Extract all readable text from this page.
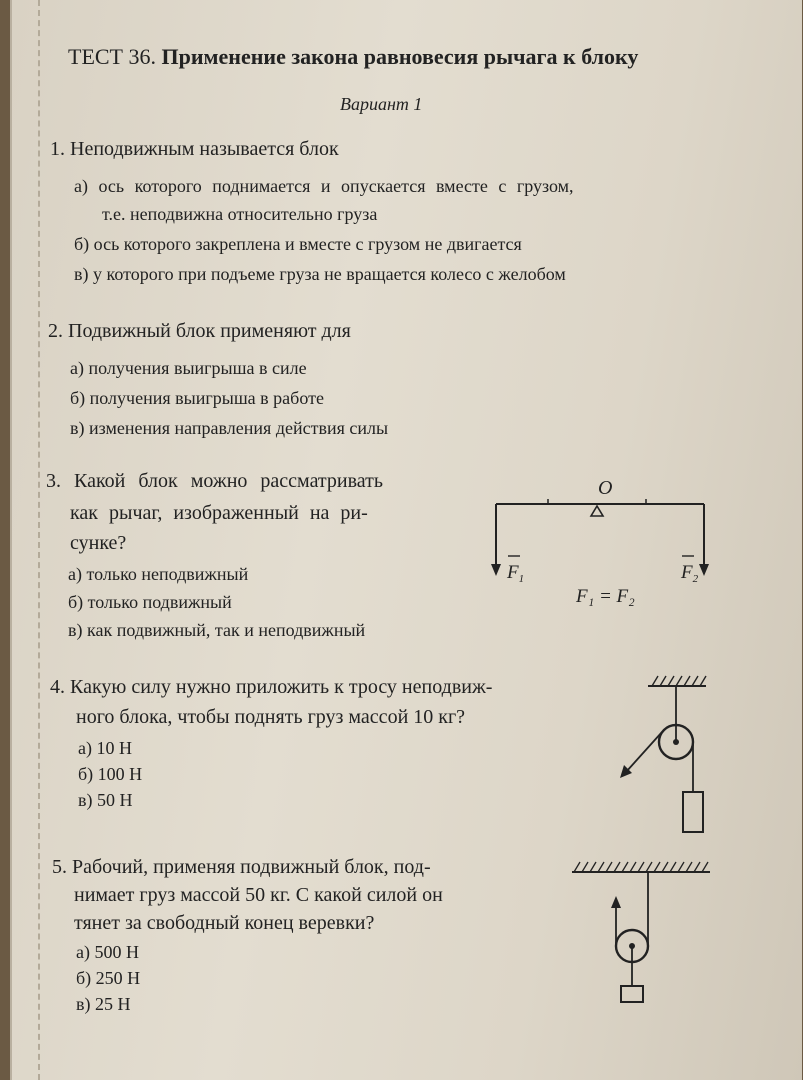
ТЕСТ 36. Применение закона равновесия рычага к блоку
Вариант 1
1. Неподвижным называется блок
а) ось которого поднимается и опускается вместе с грузом,
т.е. неподвижна относительно груза
б) ось которого закреплена и вместе с грузом не двигается
в) у которого при подъеме груза не вращается колесо с желобом
2. Подвижный блок применяют для
а) получения выигрыша в силе
б) получения выигрыша в работе
в) изменения направления действия силы
3. Какой блок можно рассматривать
как рычаг, изображенный на ри-
сунке?
а) только неподвижный
б) только подвижный
в) как подвижный, так и неподвижный
O
$F_1$	$F_2$
F₁ = F₂
4. Какую силу нужно приложить к тросу неподвиж-
ного блока, чтобы поднять груз массой 10 кг?
а) 10 Н
б) 100 Н
в) 50 Н
5. Рабочий, применяя подвижный блок, под-
нимает груз массой 50 кг. С какой силой он
тянет за свободный конец веревки?
а) 500 Н
б) 250 Н
в) 25 Н
